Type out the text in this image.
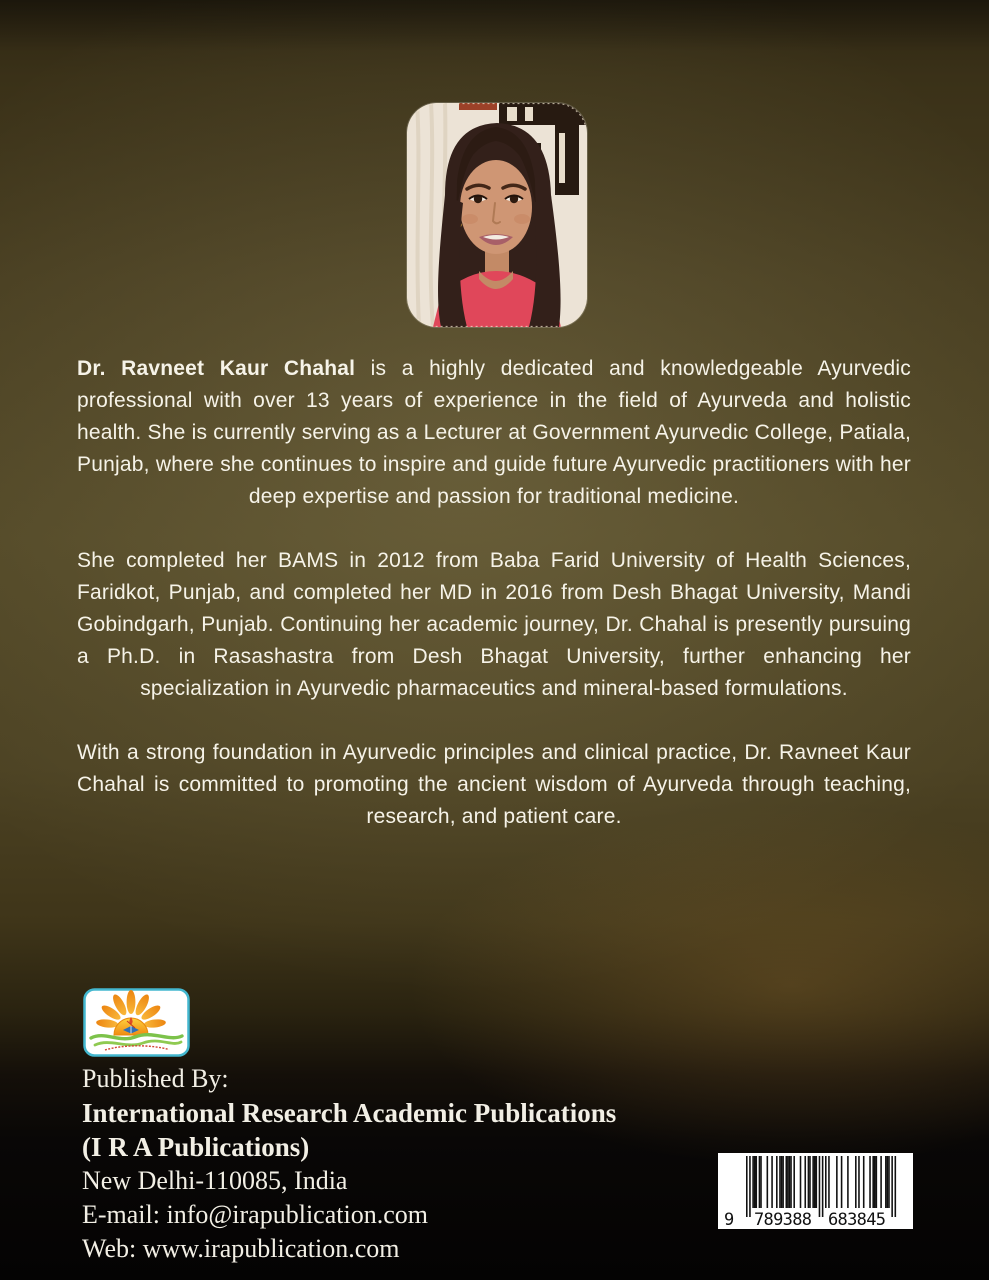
Dr. Ravneet Kaur Chahal is a highly dedicated and knowledgeable Ayurvedic professional with over 13 years of experience in the field of Ayurveda and holistic health. She is currently serving as a Lecturer at Government Ayurvedic College, Patiala, Punjab, where she continues to inspire and guide future Ayurvedic practitioners with her deep expertise and passion for traditional medicine.

She completed her BAMS in 2012 from Baba Farid University of Health Sciences, Faridkot, Punjab, and completed her MD in 2016 from Desh Bhagat University, Mandi Gobindgarh, Punjab. Continuing her academic journey, Dr. Chahal is presently pursuing a Ph.D. in Rasashastra from Desh Bhagat University, further enhancing her specialization in Ayurvedic pharmaceutics and mineral-based formulations.

With a strong foundation in Ayurvedic principles and clinical practice, Dr. Ravneet Kaur Chahal is committed to promoting the ancient wisdom of Ayurveda through teaching, research, and patient care.

Published By:
International Research Academic Publications
(I R A Publications)
New Delhi-110085, India
E-mail: info@irapublication.com
Web: www.irapublication.com
9 789388 683845
